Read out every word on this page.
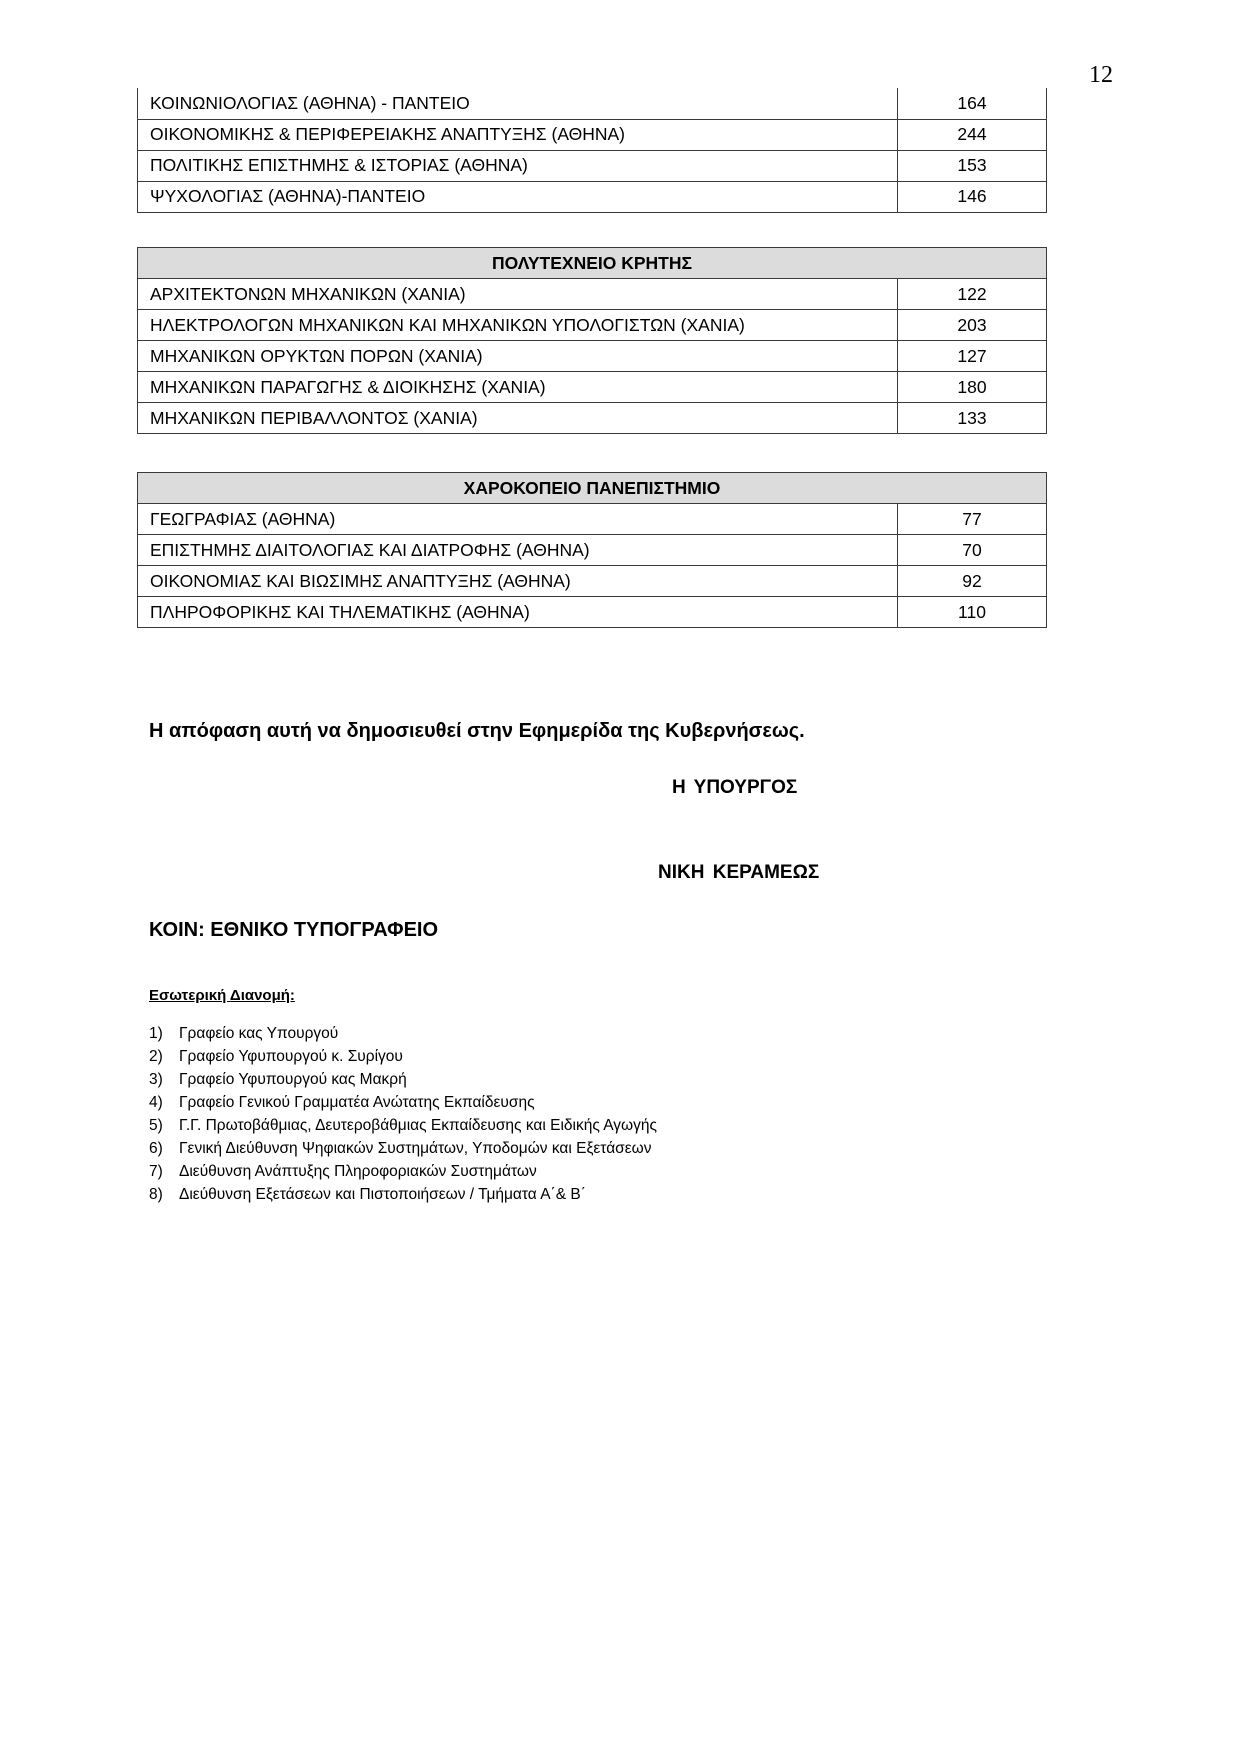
12
ΚΟΙΝΩΝΙΟΛΟΓΙΑΣ (ΑΘΗΝΑ) - ΠΑΝΤΕΙΟ	164
ΟΙΚΟΝΟΜΙΚΗΣ & ΠΕΡΙΦΕΡΕΙΑΚΗΣ ΑΝΑΠΤΥΞΗΣ (ΑΘΗΝΑ)	244
ΠΟΛΙΤΙΚΗΣ ΕΠΙΣΤΗΜΗΣ & ΙΣΤΟΡΙΑΣ (ΑΘΗΝΑ)	153
ΨΥΧΟΛΟΓΙΑΣ (ΑΘΗΝΑ)-ΠΑΝΤΕΙΟ	146
ΠΟΛΥΤΕΧΝΕΙΟ ΚΡΗΤΗΣ	
ΑΡΧΙΤΕΚΤΟΝΩΝ ΜΗΧΑΝΙΚΩΝ (ΧΑΝΙΑ)	122
ΗΛΕΚΤΡΟΛΟΓΩΝ ΜΗΧΑΝΙΚΩΝ ΚΑΙ ΜΗΧΑΝΙΚΩΝ ΥΠΟΛΟΓΙΣΤΩΝ (ΧΑΝΙΑ)	203
ΜΗΧΑΝΙΚΩΝ ΟΡΥΚΤΩΝ ΠΟΡΩΝ (ΧΑΝΙΑ)	127
ΜΗΧΑΝΙΚΩΝ ΠΑΡΑΓΩΓΗΣ & ΔΙΟΙΚΗΣΗΣ (ΧΑΝΙΑ)	180
ΜΗΧΑΝΙΚΩΝ ΠΕΡΙΒΑΛΛΟΝΤΟΣ (ΧΑΝΙΑ)	133
ΧΑΡΟΚΟΠΕΙΟ ΠΑΝΕΠΙΣΤΗΜΙΟ	
ΓΕΩΓΡΑΦΙΑΣ (ΑΘΗΝΑ)	77
ΕΠΙΣΤΗΜΗΣ ΔΙΑΙΤΟΛΟΓΙΑΣ ΚΑΙ ΔΙΑΤΡΟΦΗΣ (ΑΘΗΝΑ)	70
ΟΙΚΟΝΟΜΙΑΣ ΚΑΙ ΒΙΩΣΙΜΗΣ ΑΝΑΠΤΥΞΗΣ (ΑΘΗΝΑ)	92
ΠΛΗΡΟΦΟΡΙΚΗΣ ΚΑΙ ΤΗΛΕΜΑΤΙΚΗΣ (ΑΘΗΝΑ)	110
Η απόφαση αυτή να δημοσιευθεί στην Εφημερίδα της Κυβερνήσεως.
Η ΥΠΟΥΡΓΟΣ
ΝΙΚΗ ΚΕΡΑΜΕΩΣ
ΚΟΙΝ: ΕΘΝΙΚΟ ΤΥΠΟΓΡΑΦΕΙΟ
Εσωτερική Διανομή:
1)	Γραφείο κας Υπουργού
2)	Γραφείο Υφυπουργού κ. Συρίγου
3)	Γραφείο Υφυπουργού κας Μακρή
4)	Γραφείο Γενικού Γραμματέα Ανώτατης Εκπαίδευσης
5)	Γ.Γ. Πρωτοβάθμιας, Δευτεροβάθμιας Εκπαίδευσης και Ειδικής Αγωγής
6)	Γενική Διεύθυνση Ψηφιακών Συστημάτων, Υποδομών και Εξετάσεων
7)	Διεύθυνση Ανάπτυξης Πληροφοριακών Συστημάτων
8)	Διεύθυνση Εξετάσεων και Πιστοποιήσεων / Τμήματα Α΄& Β΄
